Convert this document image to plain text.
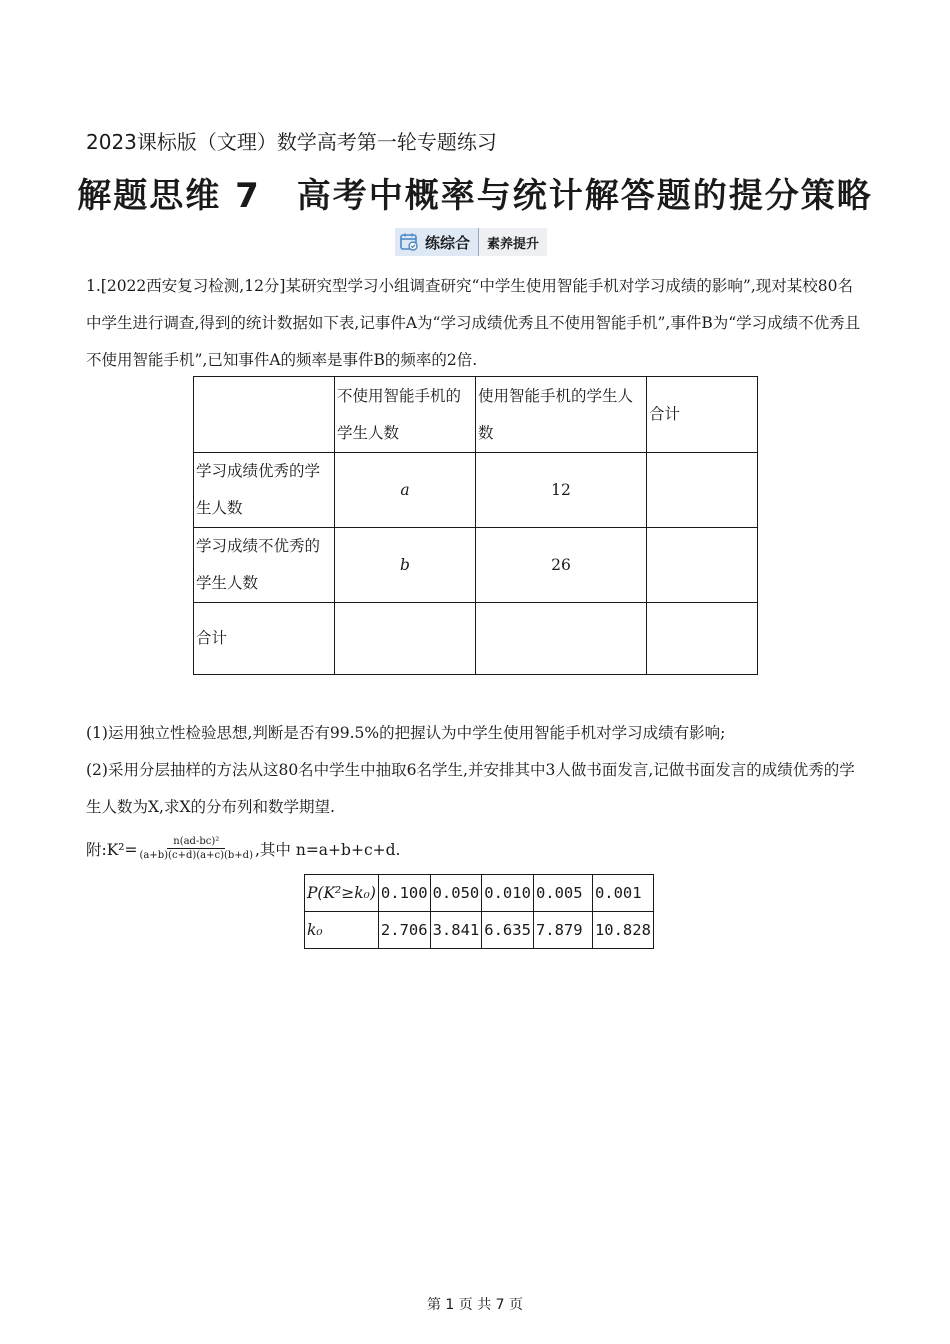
2023课标版（文理）数学高考第一轮专题练习
解题思维 7　高考中概率与统计解答题的提分策略
练综合 素养提升
1.[2022西安复习检测,12分]某研究型学习小组调查研究“中学生使用智能手机对学习成绩的影响”,现对某校80名中学生进行调查,得到的统计数据如下表,记事件A为“学习成绩优秀且不使用智能手机”,事件B为“学习成绩不优秀且不使用智能手机”,已知事件A的频率是事件B的频率的2倍.
	不使用智能手机的学生人数	使用智能手机的学生人数	合计
学习成绩优秀的学生人数	a	12	
学习成绩不优秀的学生人数	b	26	
合计			
(1)运用独立性检验思想,判断是否有99.5%的把握认为中学生使用智能手机对学习成绩有影响;
(2)采用分层抽样的方法从这80名中学生中抽取6名学生,并安排其中3人做书面发言,记做书面发言的成绩优秀的学生人数为X,求X的分布列和数学期望.
附:K²= $\frac{\text{n(ad-bc)²}}{(a+b)(c+d)(a+c)(b+d)}$ ,其中 n=a+b+c+d.
P(K²≥k₀)	0.100	0.050	0.010	0.005	0.001
k₀	2.706	3.841	6.635	7.879	10.828
第 1 页 共 7 页
